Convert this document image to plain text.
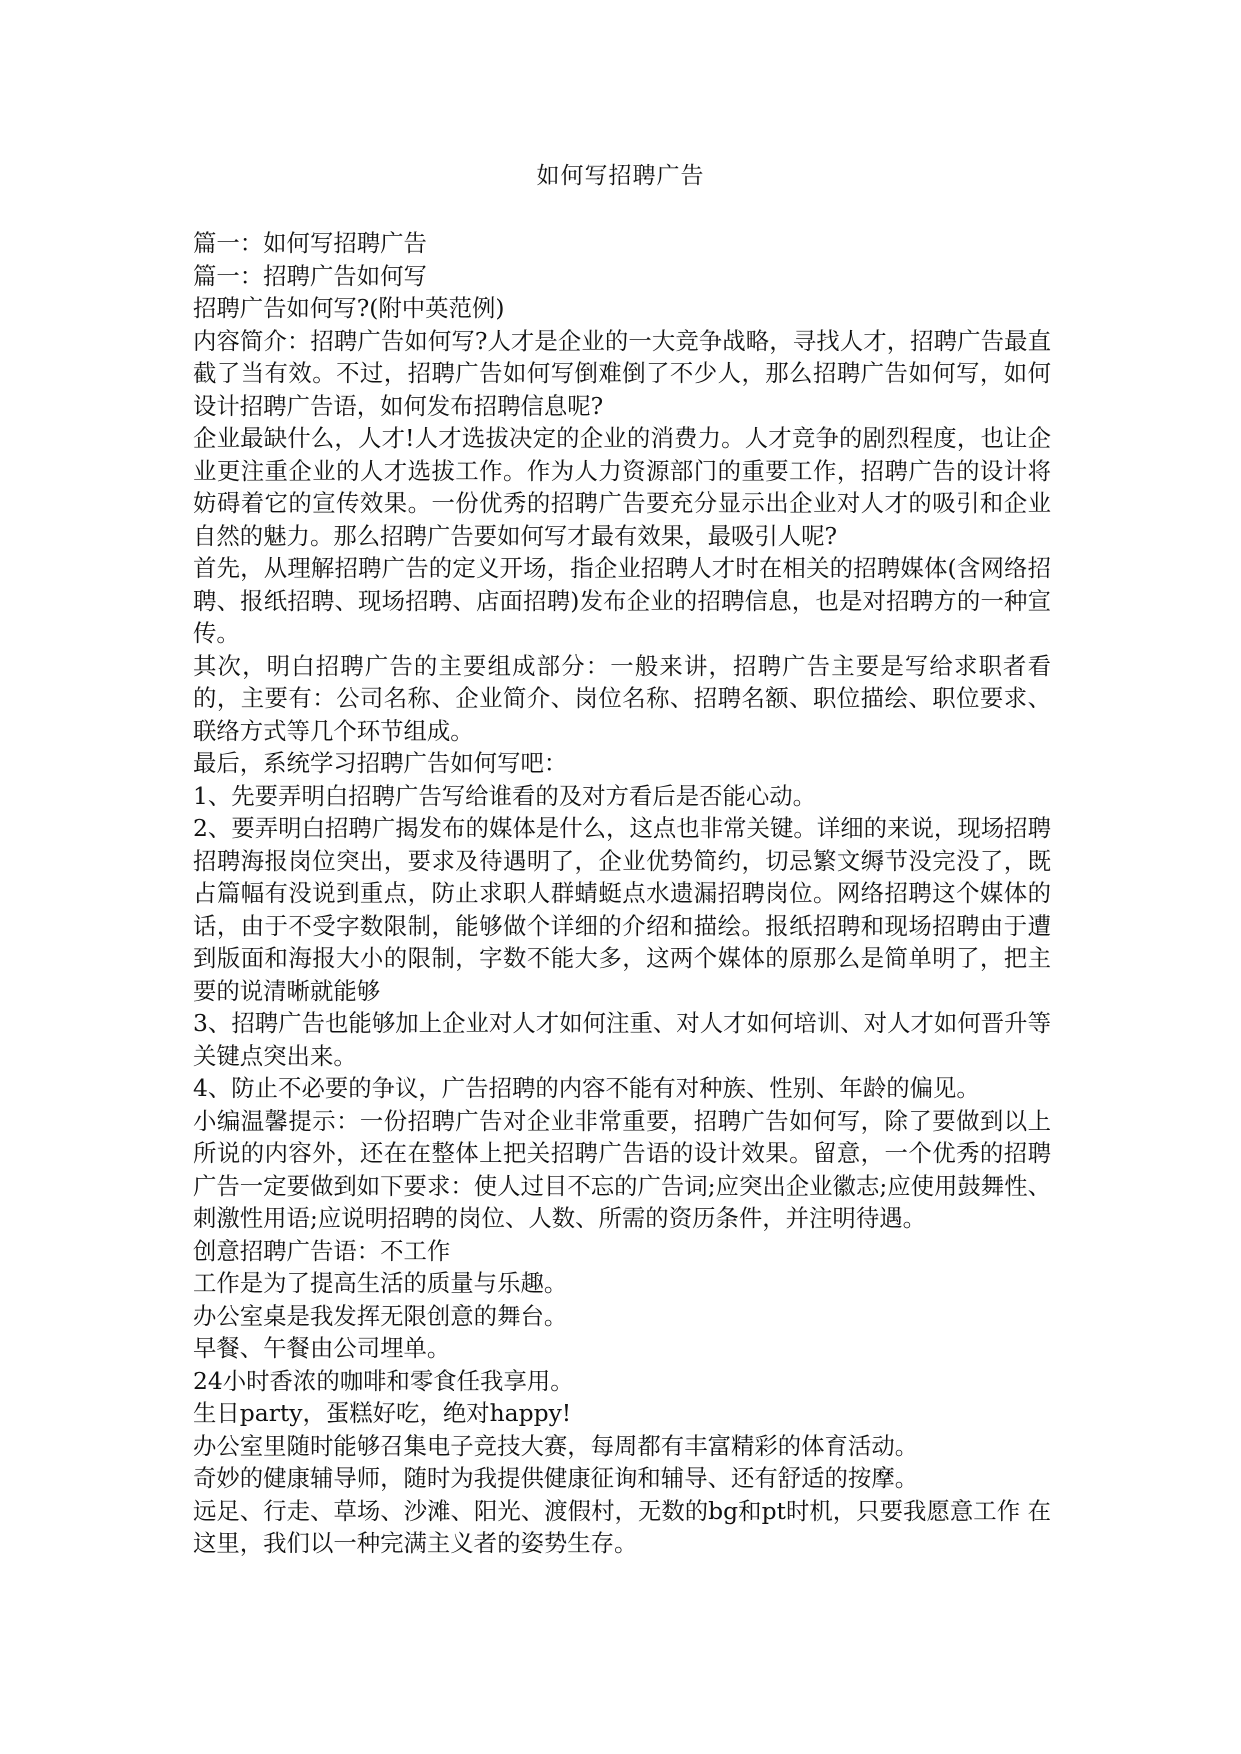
如何写招聘广告

篇一：如何写招聘广告

篇一：招聘广告如何写

招聘广告如何写?(附中英范例)

内容简介：招聘广告如何写?人才是企业的一大竞争战略，寻找人才，招聘广告最直截了当有效。不过，招聘广告如何写倒难倒了不少人，那么招聘广告如何写，如何设计招聘广告语，如何发布招聘信息呢?

企业最缺什么，人才!人才选拔决定的企业的消费力。人才竞争的剧烈程度，也让企业更注重企业的人才选拔工作。作为人力资源部门的重要工作，招聘广告的设计将妨碍着它的宣传效果。一份优秀的招聘广告要充分显示出企业对人才的吸引和企业自然的魅力。那么招聘广告要如何写才最有效果，最吸引人呢?

首先，从理解招聘广告的定义开场，指企业招聘人才时在相关的招聘媒体(含网络招聘、报纸招聘、现场招聘、店面招聘)发布企业的招聘信息，也是对招聘方的一种宣传。

其次，明白招聘广告的主要组成部分：一般来讲，招聘广告主要是写给求职者看的，主要有：公司名称、企业简介、岗位名称、招聘名额、职位描绘、职位要求、联络方式等几个环节组成。

最后，系统学习招聘广告如何写吧：

1、先要弄明白招聘广告写给谁看的及对方看后是否能心动。

2、要弄明白招聘广揭发布的媒体是什么，这点也非常关键。详细的来说，现场招聘招聘海报岗位突出，要求及待遇明了，企业优势简约，切忌繁文缛节没完没了，既占篇幅有没说到重点，防止求职人群蜻蜓点水遗漏招聘岗位。网络招聘这个媒体的话，由于不受字数限制，能够做个详细的介绍和描绘。报纸招聘和现场招聘由于遭到版面和海报大小的限制，字数不能大多，这两个媒体的原那么是简单明了，把主要的说清晰就能够

3、招聘广告也能够加上企业对人才如何注重、对人才如何培训、对人才如何晋升等关键点突出来。

4、防止不必要的争议，广告招聘的内容不能有对种族、性别、年龄的偏见。

小编温馨提示：一份招聘广告对企业非常重要，招聘广告如何写，除了要做到以上所说的内容外，还在在整体上把关招聘广告语的设计效果。留意，一个优秀的招聘广告一定要做到如下要求：使人过目不忘的广告词;应突出企业徽志;应使用鼓舞性、刺激性用语;应说明招聘的岗位、人数、所需的资历条件，并注明待遇。

创意招聘广告语：不工作

工作是为了提高生活的质量与乐趣。

办公室桌是我发挥无限创意的舞台。

早餐、午餐由公司埋单。

24小时香浓的咖啡和零食任我享用。

生日party，蛋糕好吃，绝对happy!

办公室里随时能够召集电子竞技大赛，每周都有丰富精彩的体育活动。

奇妙的健康辅导师，随时为我提供健康征询和辅导、还有舒适的按摩。

远足、行走、草场、沙滩、阳光、渡假村，无数的bg和pt时机，只要我愿意工作 在这里，我们以一种完满主义者的姿势生存。
